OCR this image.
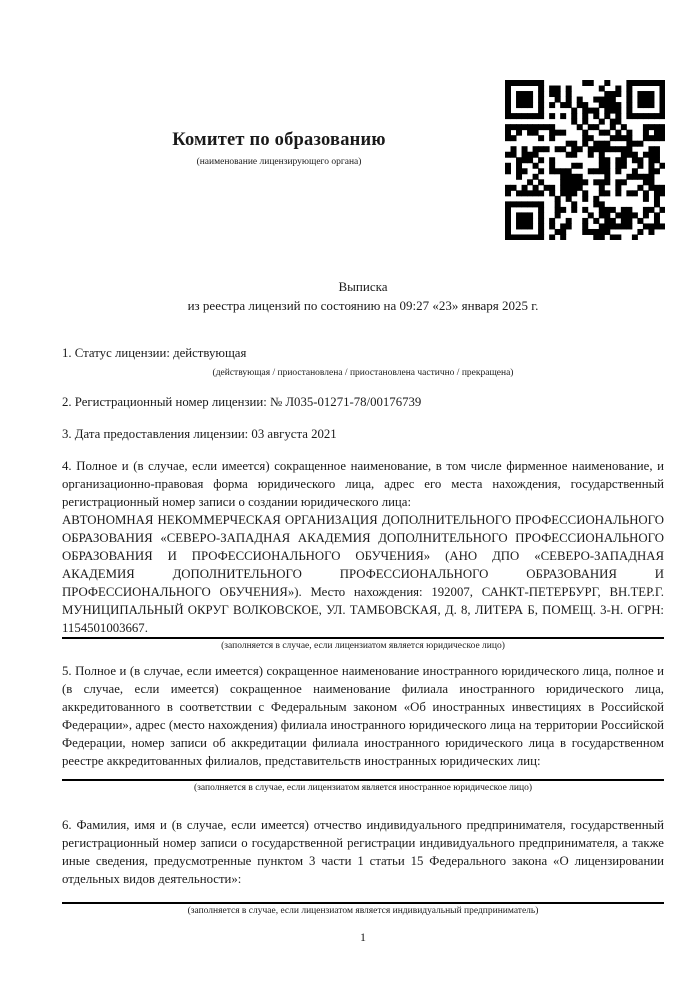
Комитет по образованию
(наименование лицензирующего органа)
Выписка
из реестра лицензий по состоянию на 09:27 «23» января 2025 г.

1. Статус лицензии: действующая

(действующая / приостановлена / приостановлена частично / прекращена)

2. Регистрационный номер лицензии: № Л035-01271-78/00176739

3. Дата предоставления лицензии: 03 августа 2021

4. Полное и (в случае, если имеется) сокращенное наименование, в том числе фирменное наименование, и организационно-правовая форма юридического лица, адрес его места нахождения, государственный регистрационный номер записи о создании юридического лица:

АВТОНОМНАЯ НЕКОММЕРЧЕСКАЯ ОРГАНИЗАЦИЯ ДОПОЛНИТЕЛЬНОГО ПРОФЕССИОНАЛЬНОГО ОБРАЗОВАНИЯ «СЕВЕРО-ЗАПАДНАЯ АКАДЕМИЯ ДОПОЛНИТЕЛЬНОГО ПРОФЕССИОНАЛЬНОГО ОБРАЗОВАНИЯ И ПРОФЕССИОНАЛЬНОГО ОБУЧЕНИЯ» (АНО ДПО «СЕВЕРО-ЗАПАДНАЯ АКАДЕМИЯ ДОПОЛНИТЕЛЬНОГО ПРОФЕССИОНАЛЬНОГО ОБРАЗОВАНИЯ И ПРОФЕССИОНАЛЬНОГО ОБУЧЕНИЯ»). Место нахождения: 192007, САНКТ-ПЕТЕРБУРГ, ВН.ТЕР.Г. МУНИЦИПАЛЬНЫЙ ОКРУГ ВОЛКОВСКОЕ, УЛ. ТАМБОВСКАЯ, Д. 8, ЛИТЕРА Б, ПОМЕЩ. 3-Н. ОГРН: 1154501003667.

(заполняется в случае, если лицензиатом является юридическое лицо)

5. Полное и (в случае, если имеется) сокращенное наименование иностранного юридического лица, полное и (в случае, если имеется) сокращенное наименование филиала иностранного юридического лица, аккредитованного в соответствии с Федеральным законом «Об иностранных инвестициях в Российской Федерации», адрес (место нахождения) филиала иностранного юридического лица на территории Российской Федерации, номер записи об аккредитации филиала иностранного юридического лица в государственном реестре аккредитованных филиалов, представительств иностранных юридических лиц:

(заполняется в случае, если лицензиатом является иностранное юридическое лицо)

6. Фамилия, имя и (в случае, если имеется) отчество индивидуального предпринимателя, государственный регистрационный номер записи о государственной регистрации индивидуального предпринимателя, а также иные сведения, предусмотренные пунктом 3 части 1 статьи 15 Федерального закона «О лицензировании отдельных видов деятельности»:

(заполняется в случае, если лицензиатом является индивидуальный предприниматель)
1
